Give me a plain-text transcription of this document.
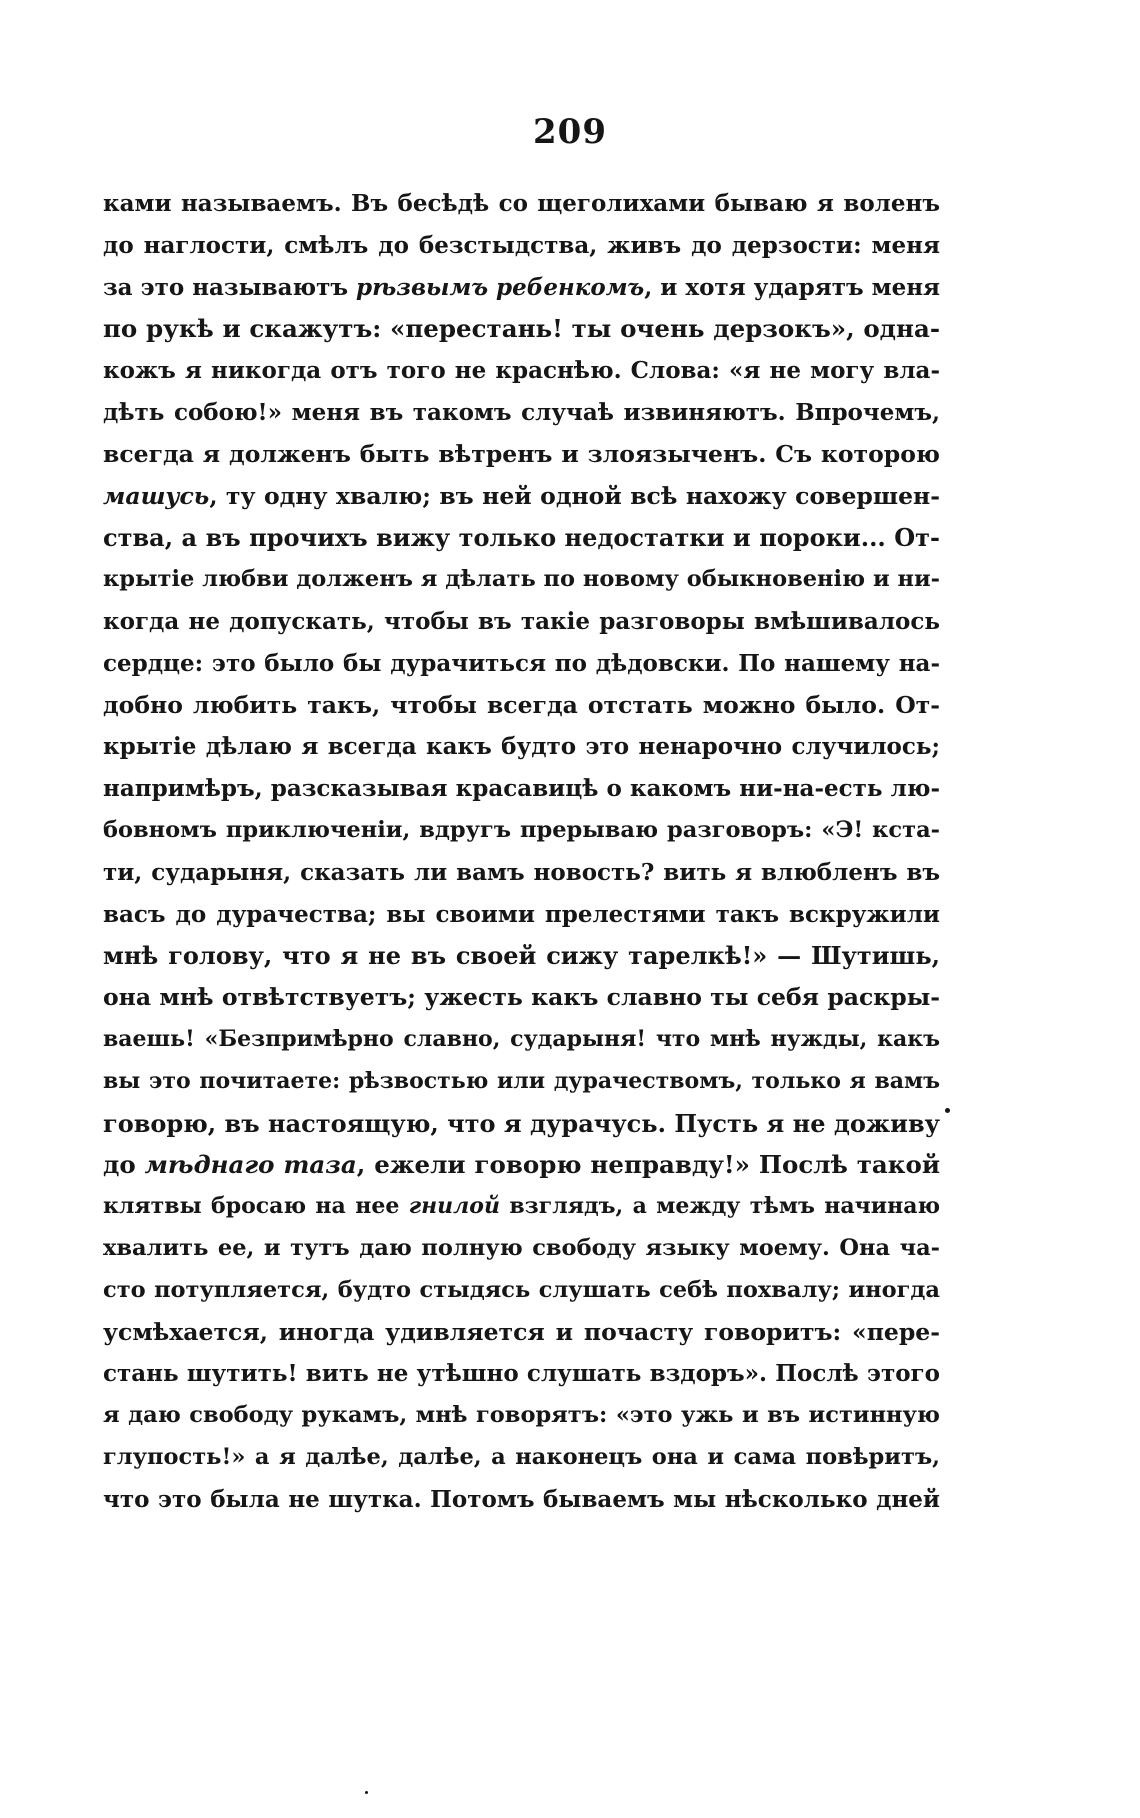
209
ками называемъ. Въ бесѣдѣ со щеголихами бываю я воленъ
до наглости, смѣлъ до безстыдства, живъ до дерзости: меня
за это называютъ рѣзвымъ ребенкомъ, и хотя ударятъ меня
по рукѣ и скажутъ: «перестань! ты очень дерзокъ», одна-
кожъ я никогда отъ того не краснѣю. Слова: «я не могу вла-
дѣть собою!» меня въ такомъ случаѣ извиняютъ. Впрочемъ,
всегда я долженъ быть вѣтренъ и злоязыченъ. Съ которою
машусь, ту одну хвалю; въ ней одной всѣ нахожу совершен-
ства, а въ прочихъ вижу только недостатки и пороки... От-
крытіе любви долженъ я дѣлать по новому обыкновенію и ни-
когда не допускать, чтобы въ такіе разговоры вмѣшивалось
сердце: это было бы дурачиться по дѣдовски. По нашему на-
добно любить такъ, чтобы всегда отстать можно было. От-
крытіе дѣлаю я всегда какъ будто это ненарочно случилось;
напримѣръ, разсказывая красавицѣ о какомъ ни-на-есть лю-
бовномъ приключеніи, вдругъ прерываю разговоръ: «Э! кста-
ти, сударыня, сказать ли вамъ новость? вить я влюбленъ въ
васъ до дурачества; вы своими прелестями такъ вскружили
мнѣ голову, что я не въ своей сижу тарелкѣ!» — Шутишь,
она мнѣ отвѣтствуетъ; ужесть какъ славно ты себя раскры-
ваешь! «Безпримѣрно славно, сударыня! что мнѣ нужды, какъ
вы это почитаете: рѣзвостью или дурачествомъ, только я вамъ
говорю, въ настоящую, что я дурачусь. Пусть я не доживу
до мѣднаго таза, ежели говорю неправду!» Послѣ такой
клятвы бросаю на нее гнилой взглядъ, а между тѣмъ начинаю
хвалить ее, и тутъ даю полную свободу языку моему. Она ча-
сто потупляется, будто стыдясь слушать себѣ похвалу; иногда
усмѣхается, иногда удивляется и почасту говоритъ: «пере-
стань шутить! вить не утѣшно слушать вздоръ». Послѣ этого
я даю свободу рукамъ, мнѣ говорятъ: «это ужь и въ истинную
глупость!» а я далѣе, далѣе, а наконецъ она и сама повѣритъ,
что это была не шутка. Потомъ бываемъ мы нѣсколько дней
